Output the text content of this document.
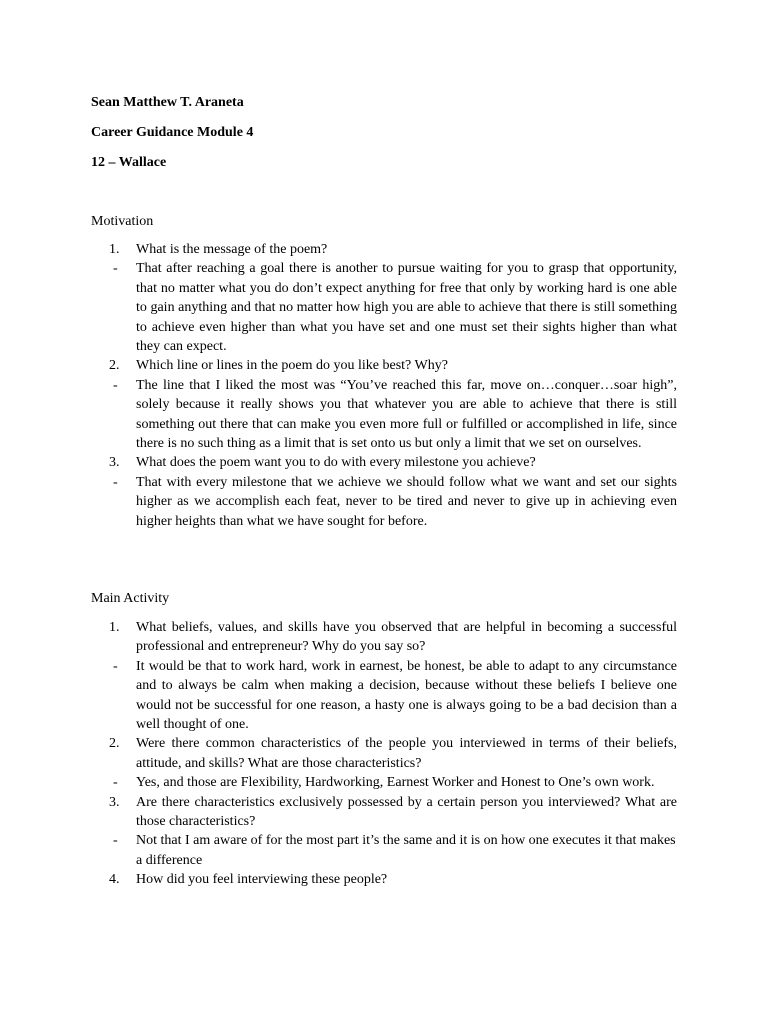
Sean Matthew T. Araneta
Career Guidance Module 4
12 – Wallace
Motivation
1.	What is the message of the poem?
-	That after reaching a goal there is another to pursue waiting for you to grasp that opportunity, that no matter what you do don’t expect anything for free that only by working hard is one able to gain anything and that no matter how high you are able to achieve that there is still something to achieve even higher than what you have set and one must set their sights higher than what they can expect.
2.	Which line or lines in the poem do you like best? Why?
-	The line that I liked the most was “You’ve reached this far, move on…conquer…soar high”, solely because it really shows you that whatever you are able to achieve that there is still something out there that can make you even more full or fulfilled or accomplished in life, since there is no such thing as a limit that is set onto us but only a limit that we set on ourselves.
3.	What does the poem want you to do with every milestone you achieve?
-	That with every milestone that we achieve we should follow what we want and set our sights higher as we accomplish each feat, never to be tired and never to give up in achieving even higher heights than what we have sought for before.
Main Activity
1.	What beliefs, values, and skills have you observed that are helpful in becoming a successful professional and entrepreneur? Why do you say so?
-	It would be that to work hard, work in earnest, be honest, be able to adapt to any circumstance and to always be calm when making a decision, because without these beliefs I believe one would not be successful for one reason, a hasty one is always going to be a bad decision than a well thought of one.
2.	Were there common characteristics of the people you interviewed in terms of their beliefs, attitude, and skills? What are those characteristics?
-	Yes, and those are Flexibility, Hardworking, Earnest Worker and Honest to One’s own work.
3.	Are there characteristics exclusively possessed by a certain person you interviewed? What are those characteristics?
-	Not that I am aware of for the most part it’s the same and it is on how one executes it that makes a difference
4.	How did you feel interviewing these people?
